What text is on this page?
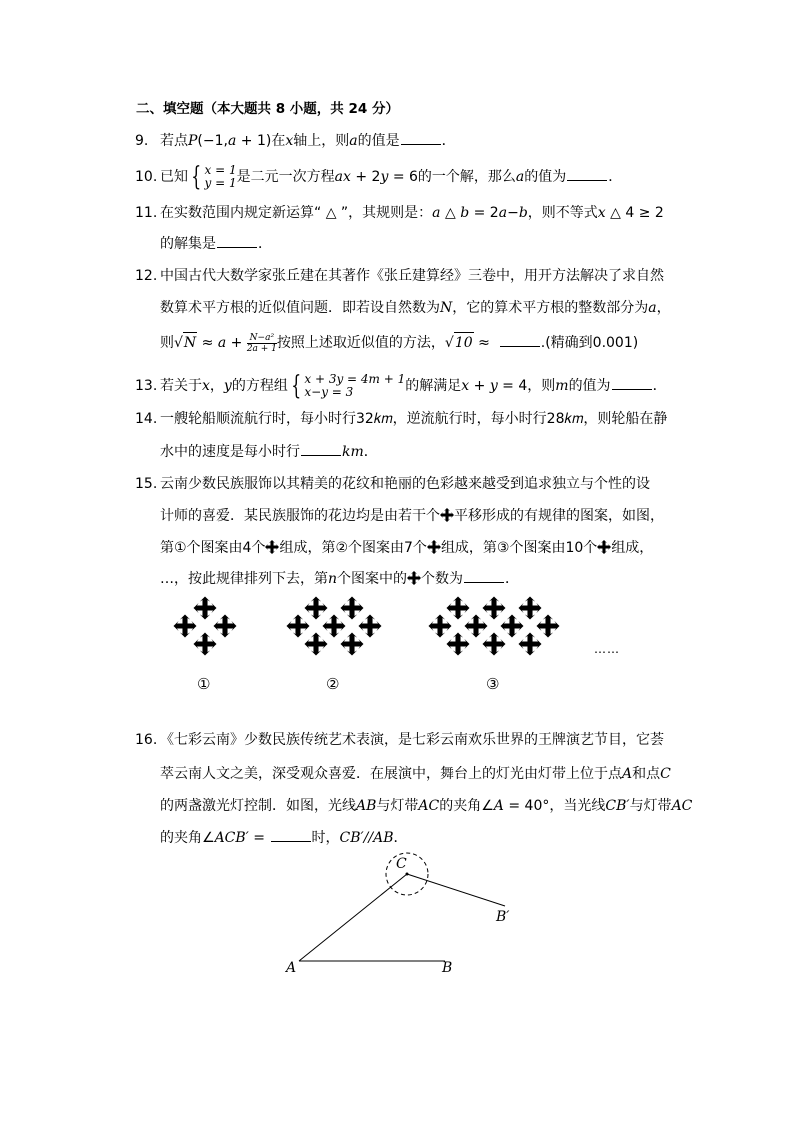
二、填空题（本大题共 8 小题，共 24 分）
9. 若点P(−1,a + 1)在x轴上，则a的值是	．
10. 已知 { x = 1
y = 1 是二元一次方程ax + 2y = 6的一个解，那么a的值为	．
11. 在实数范围内规定新运算“ △ ”，其规则是：a △ b = 2a−b，则不等式x △ 4 ≥ 2
的解集是	．
12. 中国古代大数学家张丘建在其著作《张丘建算经》三卷中，用开方法解决了求自然
数算术平方根的近似值问题．即若设自然数为N，它的算术平方根的整数部分为a，
则$√N \approx a + \frac{\text{N−a²}}{2a + 1}$ 按照上述取近似值的方法，√10 ≈	.(精确到0.001)
13. 若关于x，y的方程组 { x + 3y = 4m + 1
x−y = 3	的解满足x + y = 4，则m的值为	．
14. 一艘轮船顺流航行时，每小时行32𝑘𝑚，逆流航行时，每小时行28𝑘𝑚，则轮船在静
水中的速度是每小时行	km．
15. 云南少数民族服饰以其精美的花纹和艳丽的色彩越来越受到追求独立与个性的设
计师的喜爱．某民族服饰的花边均是由若干个 平移形成的有规律的图案，如图，
第①个图案由4个 组成，第②个图案由7个 组成，第③个图案由10个 组成，
…，按此规律排列下去，第n个图案中的 个数为	．
①	②	③
……
16. 《七彩云南》少数民族传统艺术表演，是七彩云南欢乐世界的王牌演艺节目，它荟
萃云南人文之美，深受观众喜爱．在展演中，舞台上的灯光由灯带上位于点A和点C
的两盏激光灯控制．如图，光线AB与灯带AC的夹角∠A = 40°，当光线CB′与灯带AC
的夹角∠ACB′ =	时，CB′//AB．
C
B′
A	B
